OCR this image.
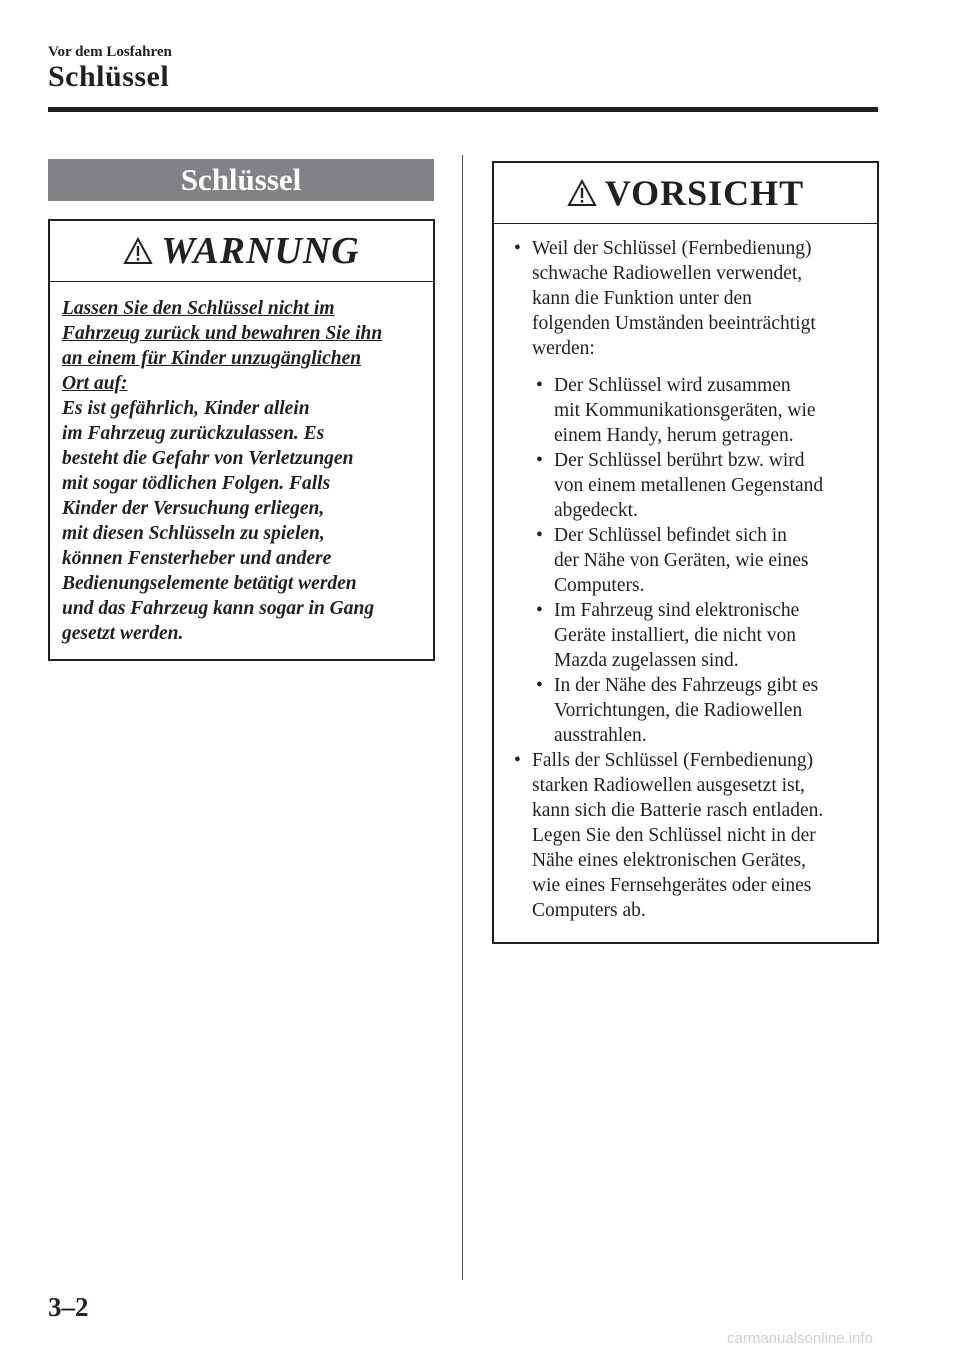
Vor dem Losfahren
Schlüssel
Schlüssel
WARNUNG
Lassen Sie den Schlüssel nicht im
Fahrzeug zurück und bewahren Sie ihn
an einem für Kinder unzugänglichen
Ort auf:
Es ist gefährlich, Kinder allein
im Fahrzeug zurückzulassen. Es
besteht die Gefahr von Verletzungen
mit sogar tödlichen Folgen. Falls
Kinder der Versuchung erliegen,
mit diesen Schlüsseln zu spielen,
können Fensterheber und andere
Bedienungselemente betätigt werden
und das Fahrzeug kann sogar in Gang
gesetzt werden.
VORSICHT
• Weil der Schlüssel (Fernbedienung)
schwache Radiowellen verwendet,
kann die Funktion unter den
folgenden Umständen beeinträchtigt
werden:
• Der Schlüssel wird zusammen
mit Kommunikationsgeräten, wie
einem Handy, herum getragen.
• Der Schlüssel berührt bzw. wird
von einem metallenen Gegenstand
abgedeckt.
• Der Schlüssel befindet sich in
der Nähe von Geräten, wie eines
Computers.
• Im Fahrzeug sind elektronische
Geräte installiert, die nicht von
Mazda zugelassen sind.
• In der Nähe des Fahrzeugs gibt es
Vorrichtungen, die Radiowellen
ausstrahlen.
• Falls der Schlüssel (Fernbedienung)
starken Radiowellen ausgesetzt ist,
kann sich die Batterie rasch entladen.
Legen Sie den Schlüssel nicht in der
Nähe eines elektronischen Gerätes,
wie eines Fernsehgerätes oder eines
Computers ab.
3–2
carmanualsonline.info
